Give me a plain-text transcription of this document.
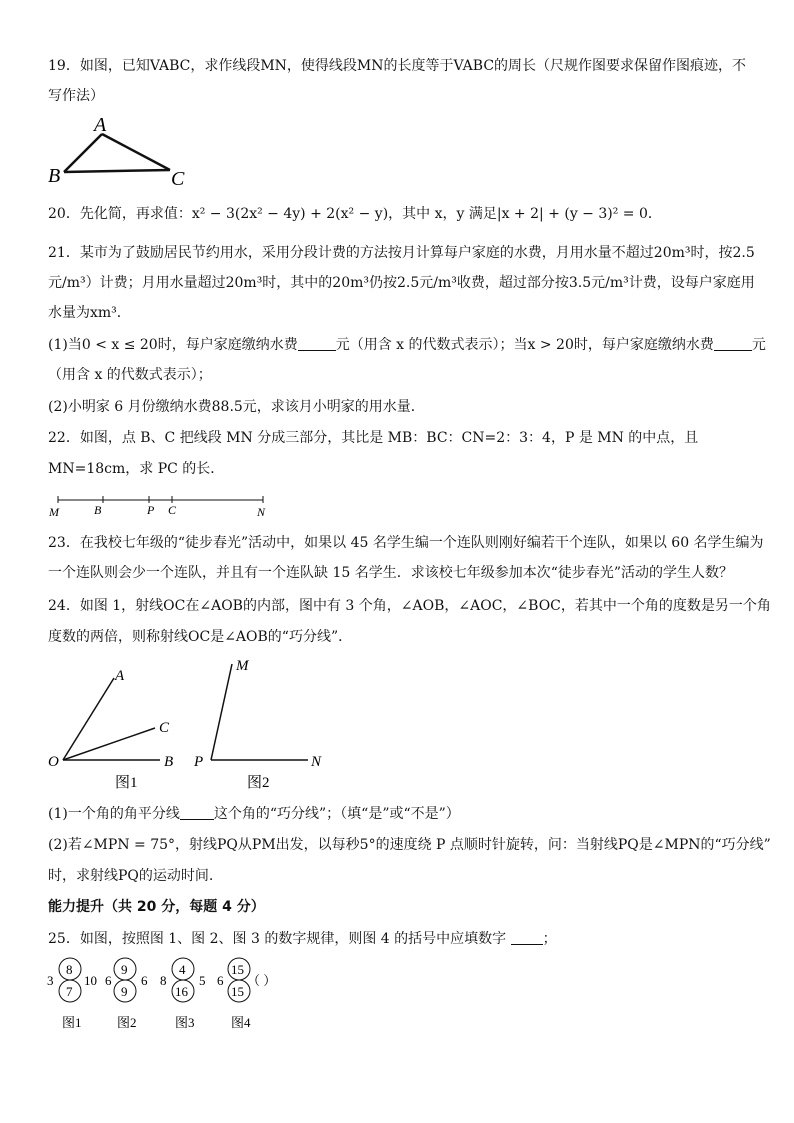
19．如图，已知VABC，求作线段MN，使得线段MN的长度等于VABC的周长（尺规作图要求保留作图痕迹，不
写作法）
A
B	C
20．先化简，再求值：x² − 3(2x² − 4y) + 2(x² − y)，其中 x，y 满足|x + 2| + (y − 3)² = 0．
21．某市为了鼓励居民节约用水，采用分段计费的方法按月计算每户家庭的水费，月用水量不超过20m³时，按2.5
元/m³）计费；月用水量超过20m³时，其中的20m³仍按2.5元/m³收费，超过部分按3.5元/m³计费，设每户家庭用
水量为xm³．
(1)当0 < x ≤ 20时，每户家庭缴纳水费	元（用含 x 的代数式表示）；当x > 20时，每户家庭缴纳水费	元
（用含 x 的代数式表示）；
(2)小明家 6 月份缴纳水费88.5元，求该月小明家的用水量．
22．如图，点 B、C 把线段 MN 分成三部分，其比是 MB：BC：CN=2：3：4，P 是 MN 的中点，且
MN=18cm，求 PC 的长．
M	B	P C	N
23．在我校七年级的“徒步春光”活动中，如果以 45 名学生编一个连队则刚好编若干个连队，如果以 60 名学生编为
一个连队则会少一个连队，并且有一个连队缺 15 名学生．求该校七年级参加本次“徒步春光”活动的学生人数？
24．如图 1，射线OC在∠AOB的内部，图中有 3 个角，∠AOB，∠AOC，∠BOC，若其中一个角的度数是另一个角
度数的两倍，则称射线OC是∠AOB的“巧分线”．
A
C
O	B
图1
M
P	N
图2
(1)一个角的角平分线 这个角的“巧分线”；（填“是”或“不是”）
(2)若∠MPN = 75°，射线PQ从PM出发，以每秒5°的速度绕 P 点顺时针旋转，问：当射线PQ是∠MPN的“巧分线”
时，求射线PQ的运动时间.
能力提升（共 20 分，每题 4 分）
25．如图，按照图 1、图 2、图 3 的数字规律，则图 4 的括号中应填数字	；
3
8
7
10
图1
6
9
9
6
图2
8
4
16
5
图3
6
15
15
（ ）
图4
